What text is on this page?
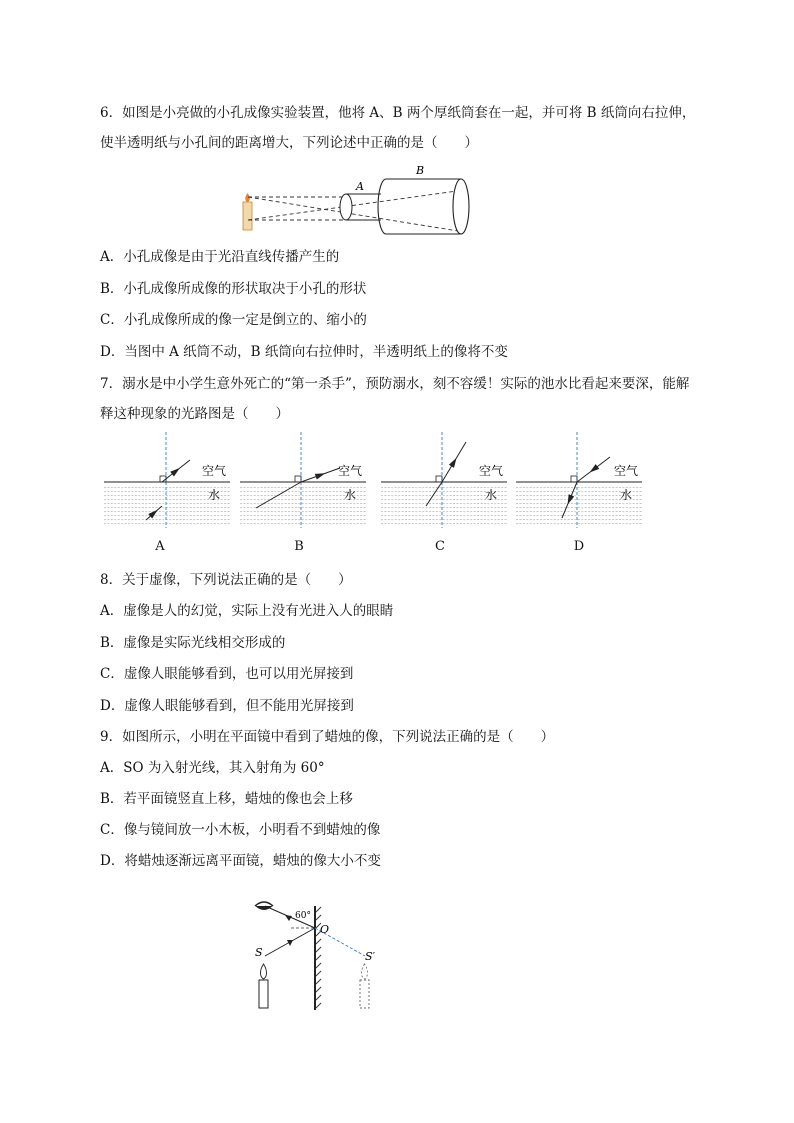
6．如图是小亮做的小孔成像实验装置，他将 A、B 两个厚纸筒套在一起，并可将 B 纸筒向右拉伸，
使半透明纸与小孔间的距离增大，下列论述中正确的是（　　）
A
B
A．小孔成像是由于光沿直线传播产生的
B．小孔成像所成像的形状取决于小孔的形状
C．小孔成像所成的像一定是倒立的、缩小的
D．当图中 A 纸筒不动，B 纸筒向右拉伸时，半透明纸上的像将不变
7．溺水是中小学生意外死亡的“第一杀手”，预防溺水，刻不容缓！实际的池水比看起来要深，能解
释这种现象的光路图是（　　）
空气
水
空气
水
空气
水
空气
水
A	B	C	D
8．关于虚像，下列说法正确的是（　　）
A．虚像是人的幻觉，实际上没有光进入人的眼睛
B．虚像是实际光线相交形成的
C．虚像人眼能够看到，也可以用光屏接到
D．虚像人眼能够看到，但不能用光屏接到
9．如图所示，小明在平面镜中看到了蜡烛的像，下列说法正确的是（　　）
A．SO 为入射光线，其入射角为 60°
B．若平面镜竖直上移，蜡烛的像也会上移
C．像与镜间放一小木板，小明看不到蜡烛的像
D．将蜡烛逐渐远离平面镜，蜡烛的像大小不变
60°
O
S	S′
